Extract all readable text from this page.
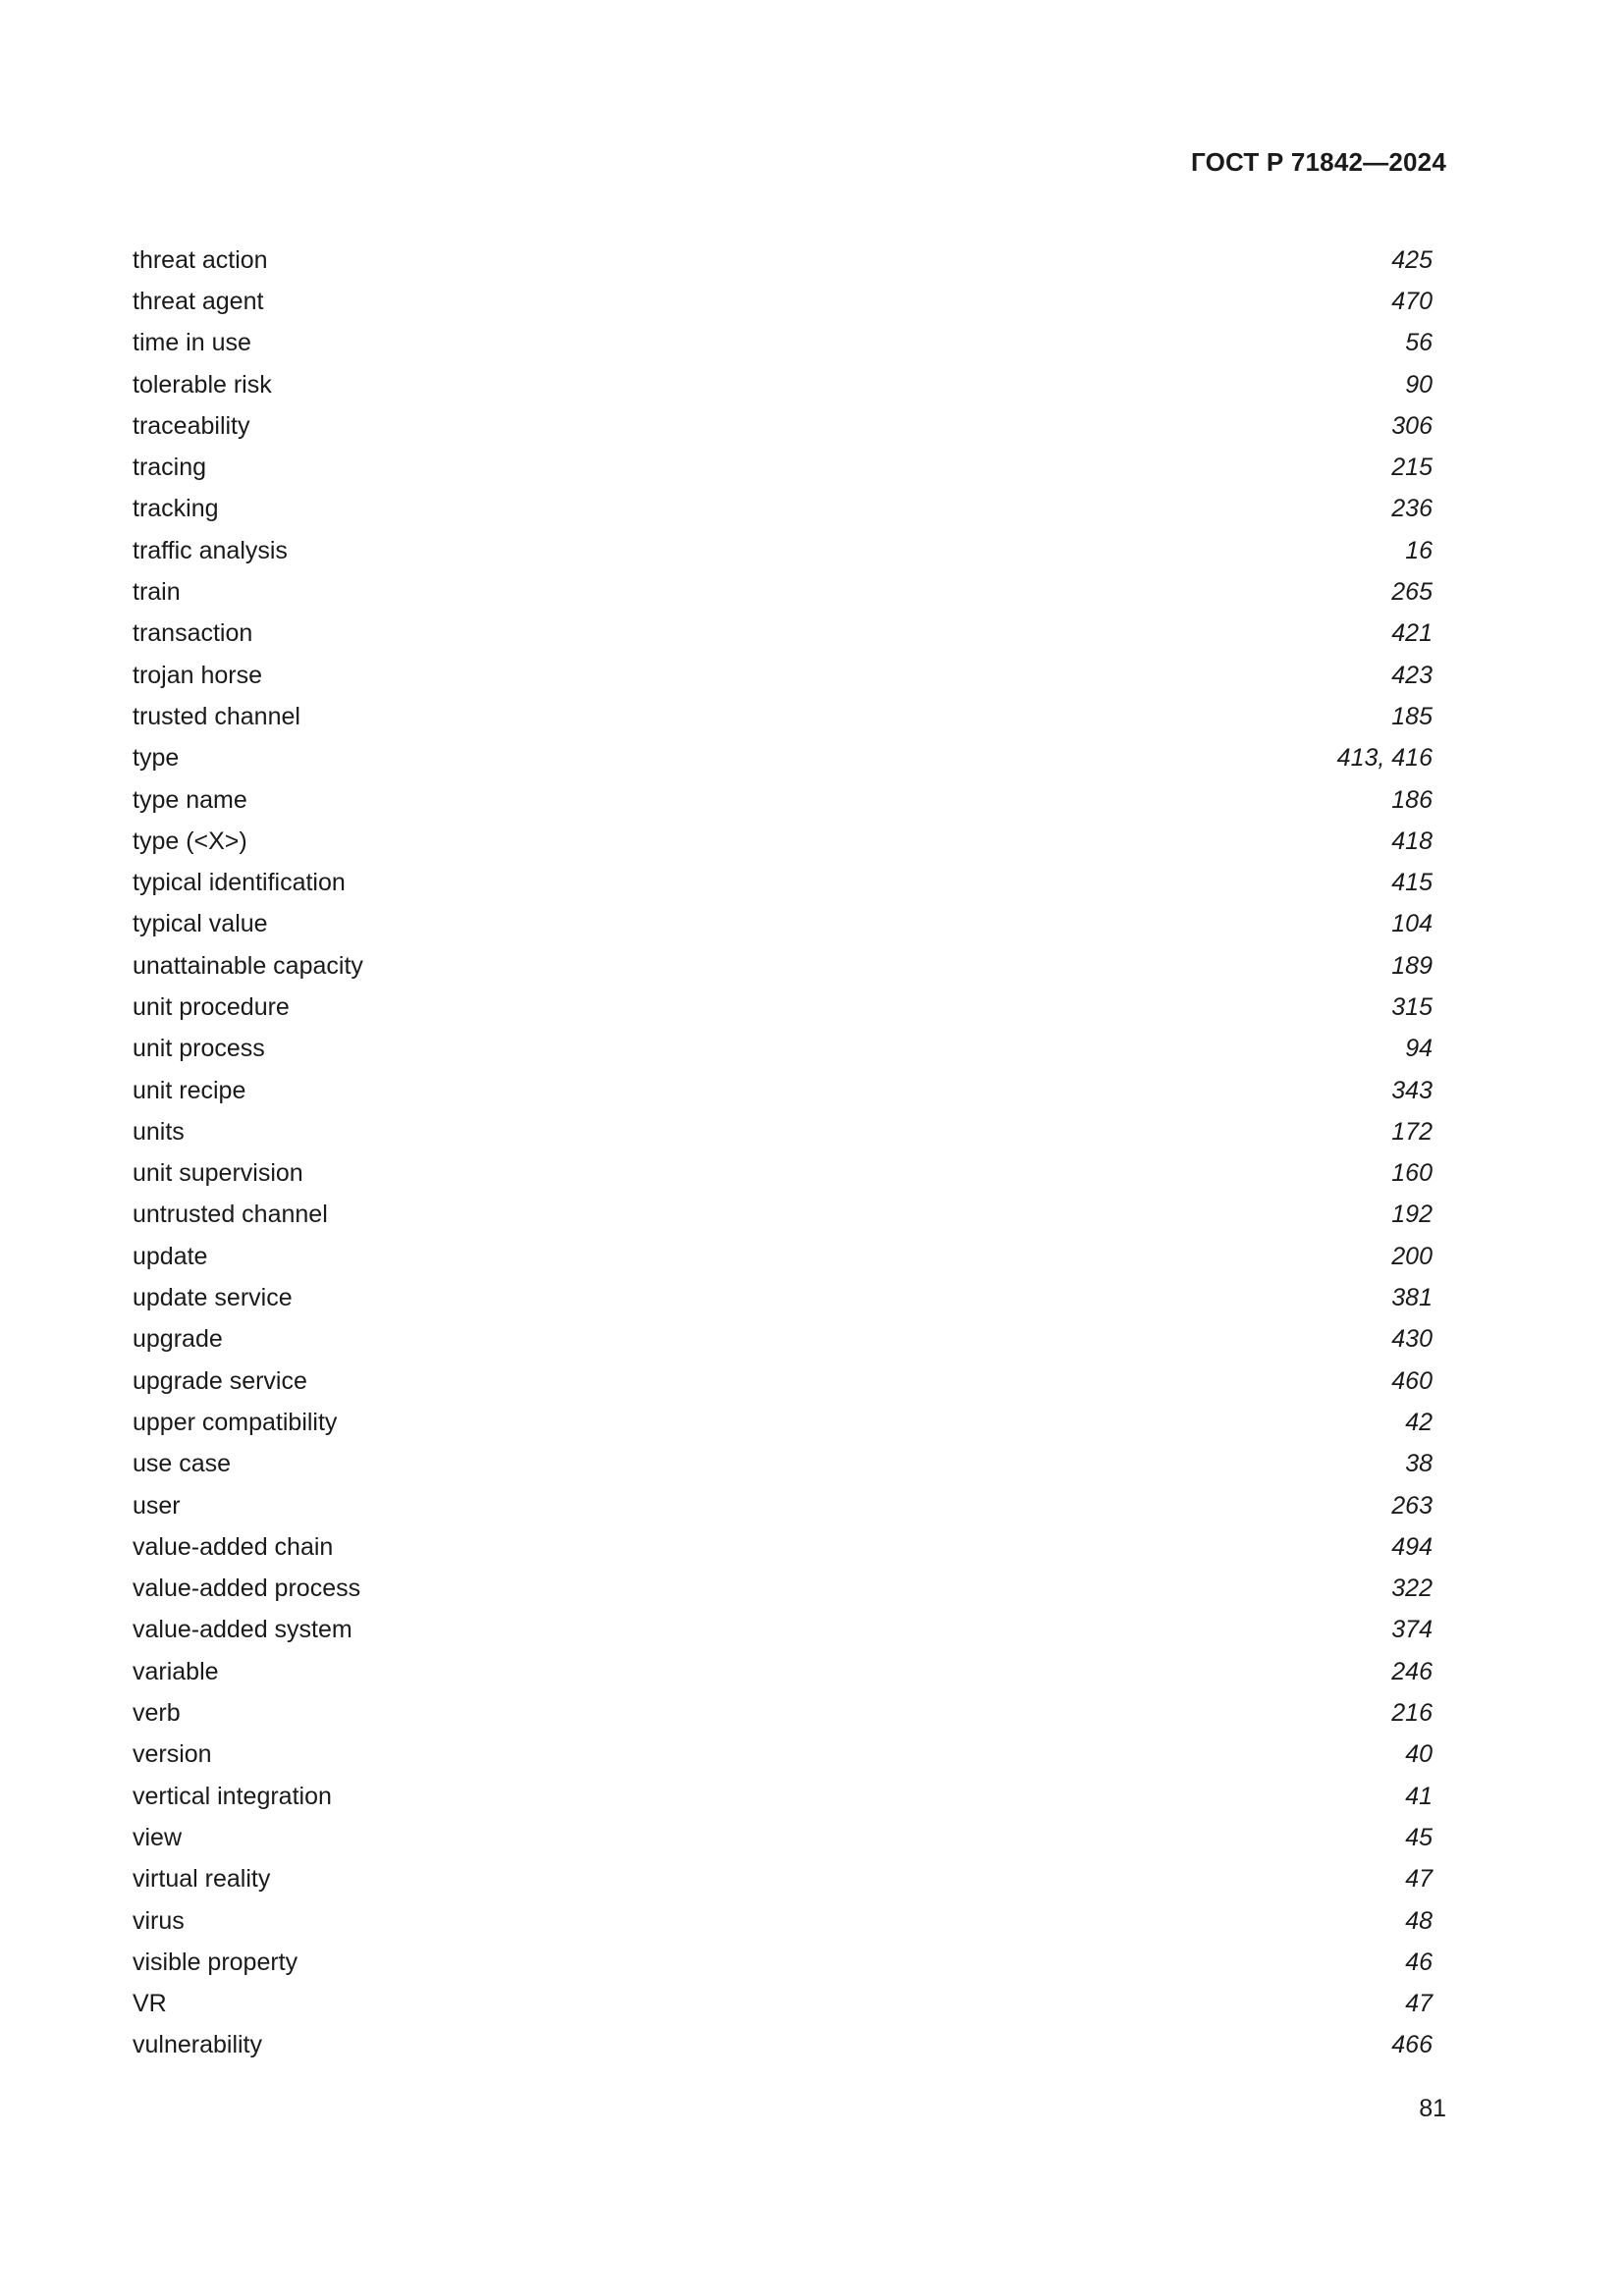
ГОСТ Р 71842—2024
threat action	425
threat agent	470
time in use	56
tolerable risk	90
traceability	306
tracing	215
tracking	236
traffic analysis	16
train	265
transaction	421
trojan horse	423
trusted channel	185
type	413, 416
type name	186
type (<X>)	418
typical identification	415
typical value	104
unattainable capacity	189
unit procedure	315
unit process	94
unit recipe	343
units	172
unit supervision	160
untrusted channel	192
update	200
update service	381
upgrade	430
upgrade service	460
upper compatibility	42
use case	38
user	263
value-added chain	494
value-added process	322
value-added system	374
variable	246
verb	216
version	40
vertical integration	41
view	45
virtual reality	47
virus	48
visible property	46
VR	47
vulnerability	466
81
